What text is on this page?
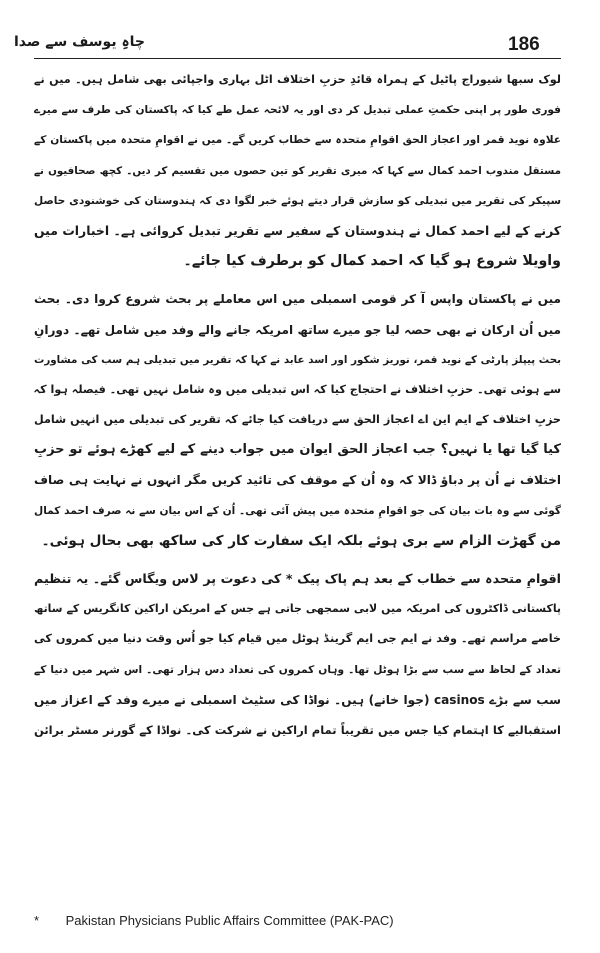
186
چاہِ یوسف سے صدا
لوک سبھا شیوراج پاٹیل کے ہمراہ قائدِ حزبِ اختلاف اٹل بہاری واجپائی بھی شامل ہیں۔ میں نے
فوری طور پر اپنی حکمتِ عملی تبدیل کر دی اور یہ لائحہ عمل طے کیا کہ پاکستان کی طرف سے میرے
علاوہ نوید قمر اور اعجاز الحق اقوامِ متحدہ سے خطاب کریں گے۔ میں نے اقوامِ متحدہ میں پاکستان کے
مستقل مندوب احمد کمال سے کہا کہ میری تقریر کو تین حصوں میں تقسیم کر دیں۔ کچھ صحافیوں نے
سپیکر کی تقریر میں تبدیلی کو سازش قرار دیتے ہوئے خبر لگوا دی کہ ہندوستان کی خوشنودی حاصل
کرنے کے لیے احمد کمال نے ہندوستان کے سفیر سے تقریر تبدیل کروائی ہے۔ اخبارات میں
واویلا شروع ہو گیا کہ احمد کمال کو برطرف کیا جائے۔
میں نے پاکستان واپس آ کر قومی اسمبلی میں اس معاملے پر بحث شروع کروا دی۔ بحث
میں اُن ارکان نے بھی حصہ لیا جو میرے ساتھ امریکہ جانے والے وفد میں شامل تھے۔ دورانِ
بحث پیپلز پارٹی کے نوید قمر، نوریز شکور اور اسد عابد نے کہا کہ تقریر میں تبدیلی ہم سب کی مشاورت
سے ہوئی تھی۔ حزبِ اختلاف نے احتجاج کیا کہ اس تبدیلی میں وہ شامل نہیں تھی۔ فیصلہ ہوا کہ
حزبِ اختلاف کے ایم این اے اعجاز الحق سے دریافت کیا جائے کہ تقریر کی تبدیلی میں انہیں شامل
کیا گیا تھا یا نہیں؟ جب اعجاز الحق ایوان میں جواب دینے کے لیے کھڑے ہوئے تو حزبِ
اختلاف نے اُن پر دباؤ ڈالا کہ وہ اُن کے موقف کی تائید کریں مگر انہوں نے نہایت ہی صاف
گوئی سے وہ بات بیان کی جو اقوامِ متحدہ میں پیش آئی تھی۔ اُن کے اس بیان سے نہ صرف احمد کمال
من گھڑت الزام سے بری ہوئے بلکہ ایک سفارت کار کی ساکھ بھی بحال ہوئی۔
اقوامِ متحدہ سے خطاب کے بعد ہم پاک پیک * کی دعوت پر لاس ویگاس گئے۔ یہ تنظیم
پاکستانی ڈاکٹروں کی امریکہ میں لابی سمجھی جاتی ہے جس کے امریکن اراکین کانگریس کے ساتھ
خاصے مراسم تھے۔ وفد نے ایم جی ایم گرینڈ ہوٹل میں قیام کیا جو اُس وقت دنیا میں کمروں کی
تعداد کے لحاظ سے سب سے بڑا ہوٹل تھا۔ وہاں کمروں کی تعداد دس ہزار تھی۔ اس شہر میں دنیا کے
سب سے بڑے casinos (جوا خانے) ہیں۔ نواڈا کی سٹیٹ اسمبلی نے میرے وفد کے اعزاز میں
استقبالیے کا اہتمام کیا جس میں تقریباً تمام اراکین نے شرکت کی۔ نواڈا کے گورنر مسٹر برائن
* Pakistan Physicians Public Affairs Committee (PAK-PAC)
